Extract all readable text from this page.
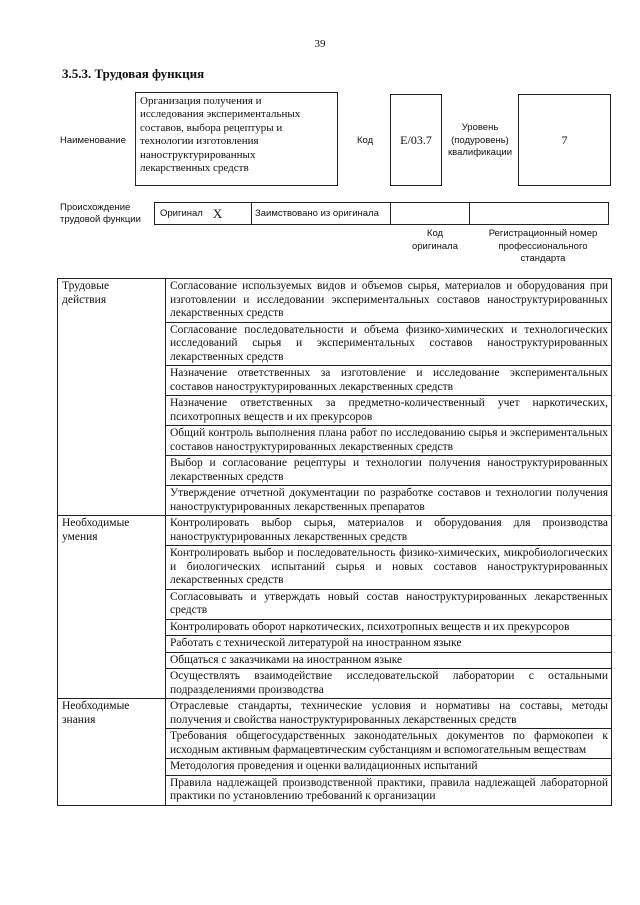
39
3.5.3. Трудовая функция
Наименование
Организация получения и
исследования экспериментальных
составов, выбора рецептуры и
технологии изготовления
наноструктурированных
лекарственных средств
Код E/03.7
Уровень
(подуровень)
квалификации
7
Происхождение
трудовой функции
Оригинал X	Заимствовано из оригинала
Код
оригинала
Регистрационный номер
профессионального
стандарта
Трудовые
действия	Согласование используемых видов и объемов сырья, материалов и оборудования при изготовлении и исследовании экспериментальных составов наноструктурированных лекарственных средств
	Согласование последовательности и объема физико-химических и технологических исследований сырья и экспериментальных составов наноструктурированных лекарственных средств
	Назначение ответственных за изготовление и исследование экспериментальных составов наноструктурированных лекарственных средств
	Назначение ответственных за предметно-количественный учет наркотических, психотропных веществ и их прекурсоров
	Общий контроль выполнения плана работ по исследованию сырья и экспериментальных составов наноструктурированных лекарственных средств
	Выбор и согласование рецептуры и технологии получения наноструктурированных лекарственных средств
	Утверждение отчетной документации по разработке составов и технологии получения наноструктурированных лекарственных препаратов

Необходимые
умения	Контролировать выбор сырья, материалов и оборудования для производства наноструктурированных лекарственных средств
	Контролировать выбор и последовательность физико-химических, микробиологических и биологических испытаний сырья и новых составов наноструктурированных лекарственных средств
	Согласовывать и утверждать новый состав наноструктурированных лекарственных средств
	Контролировать оборот наркотических, психотропных веществ и их прекурсоров
	Работать с технической литературой на иностранном языке
	Общаться с заказчиками на иностранном языке
	Осуществлять взаимодействие исследовательской лаборатории с остальными подразделениями производства

Необходимые
знания	Отраслевые стандарты, технические условия и нормативы на составы, методы получения и свойства наноструктурированных лекарственных средств
	Требования общегосударственных законодательных документов по фармокопеи к исходным активным фармацевтическим субстанциям и вспомогательным веществам
	Методология проведения и оценки валидационных испытаний
	Правила надлежащей производственной практики, правила надлежащей лабораторной практики по установлению требований к организации
